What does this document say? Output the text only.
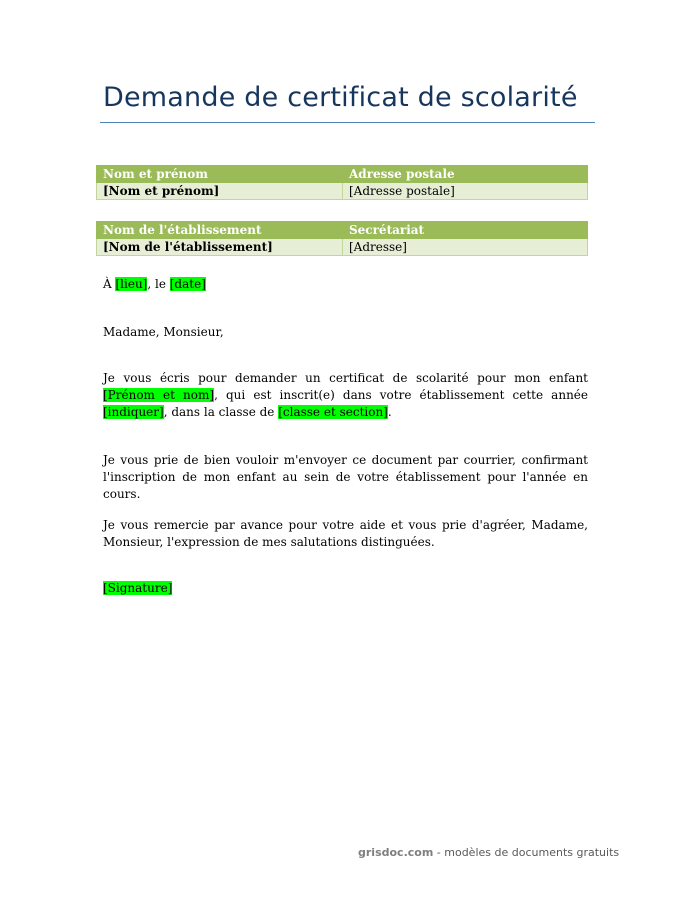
Demande de certificat de scolarité
Nom et prénom	Adresse postale
[Nom et prénom]	[Adresse postale]
Nom de l'établissement	Secrétariat
[Nom de l'établissement]	[Adresse]
À [lieu], le [date]
Madame, Monsieur,
Je vous écris pour demander un certificat de scolarité pour mon enfant [Prénom et nom], qui est inscrit(e) dans votre établissement cette année [indiquer], dans la classe de [classe et section].
Je vous prie de bien vouloir m'envoyer ce document par courrier, confirmant l'inscription de mon enfant au sein de votre établissement pour l'année en cours.
Je vous remercie par avance pour votre aide et vous prie d'agréer, Madame, Monsieur, l'expression de mes salutations distinguées.
[Signature]
grisdoc.com - modèles de documents gratuits
